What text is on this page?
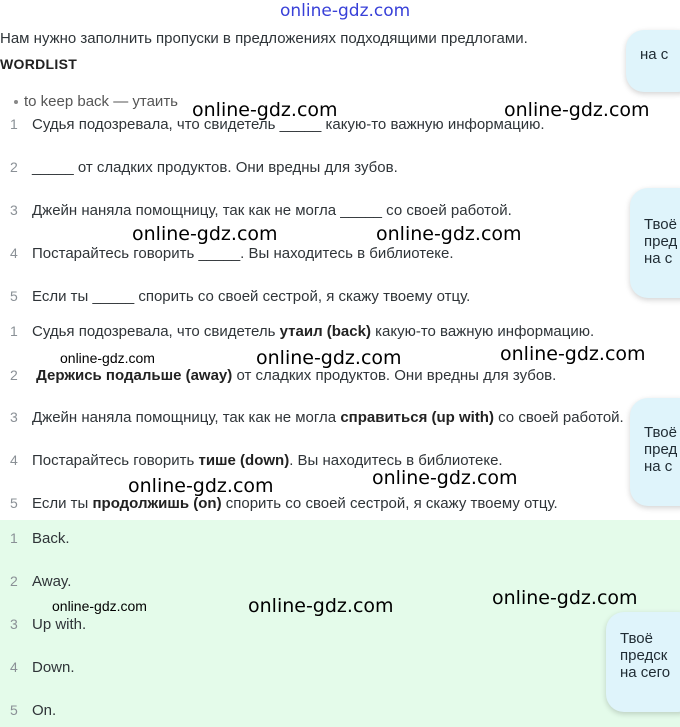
online-gdz.com
Нам нужно заполнить пропуски в предложениях подходящими предлогами.
WORDLIST
to keep back — утаить
1 Судья подозревала, что свидетель _____ какую-то важную информацию.
2 _____ от сладких продуктов. Они вредны для зубов.
3 Джейн наняла помощницу, так как не могла _____ со своей работой.
4 Постарайтесь говорить _____. Вы находитесь в библиотеке.
5 Если ты _____ спорить со своей сестрой, я скажу твоему отцу.
1 Судья подозревала, что свидетель утаил (back) какую-то важную информацию.
2 Держись подальше (away) от сладких продуктов. Они вредны для зубов.
3 Джейн наняла помощницу, так как не могла справиться (up with) со своей работой.
4 Постарайтесь говорить тише (down). Вы находитесь в библиотеке.
5 Если ты продолжишь (on) спорить со своей сестрой, я скажу твоему отцу.
1 Back.
2 Away.
3 Up with.
4 Down.
5 On.
на с
Твоё
пред
на с
Твоё
пред
на с
Твоё
предск
на сего
online-gdz.com	online-gdz.com
online-gdz.com	online-gdz.com
online-gdz.com	online-gdz.com	online-gdz.com
online-gdz.com
online-gdz.com
online-gdz.com	online-gdz.com	online-gdz.com
